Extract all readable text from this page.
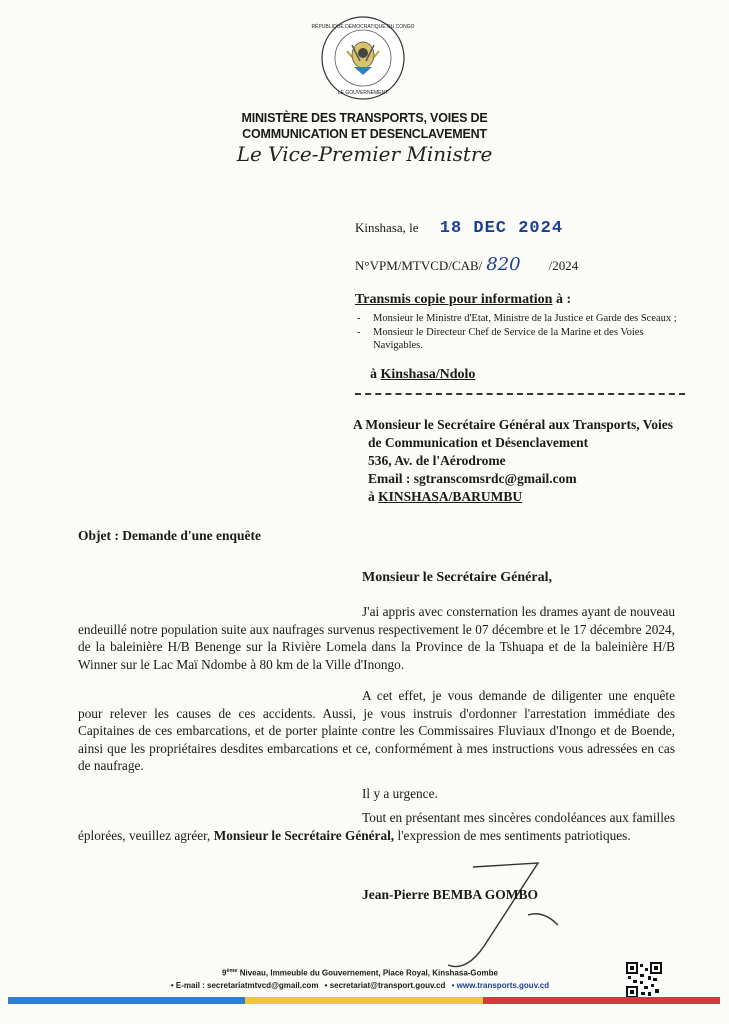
RÉPUBLIQUE DÉMOCRATIQUE DU CONGO
LE GOUVERNEMENT
MINISTÈRE DES TRANSPORTS, VOIES DE
COMMUNICATION ET DESENCLAVEMENT
Le Vice-Premier Ministre
Kinshasa, le 18 DEC 2024
N°VPM/MTVCD/CAB/ 820 /2024
Transmis copie pour information à :
- Monsieur le Ministre d'Etat, Ministre de la Justice et Garde des Sceaux ;
- Monsieur le Directeur Chef de Service de la Marine et des Voies Navigables.
à Kinshasa/Ndolo
A Monsieur le Secrétaire Général aux Transports, Voies
de Communication et Désenclavement
536, Av. de l'Aérodrome
Email : sgtranscomsrdc@gmail.com
à KINSHASA/BARUMBU
Objet : Demande d'une enquête
Monsieur le Secrétaire Général,

J'ai appris avec consternation les drames ayant de nouveau endeuillé notre population suite aux naufrages survenus respectivement le 07 décembre et le 17 décembre 2024, de la baleinière H/B Benenge sur la Rivière Lomela dans la Province de la Tshuapa et de la baleinière H/B Winner sur le Lac Maï Ndombe à 80 km de la Ville d'Inongo.

A cet effet, je vous demande de diligenter une enquête pour relever les causes de ces accidents. Aussi, je vous instruis d'ordonner l'arrestation immédiate des Capitaines de ces embarcations, et de porter plainte contre les Commissaires Fluviaux d'Inongo et de Boende, ainsi que les propriétaires desdites embarcations et ce, conformément à mes instructions vous adressées en cas de naufrage.

Il y a urgence.

Tout en présentant mes sincères condoléances aux familles éplorées, veuillez agréer, Monsieur le Secrétaire Général, l'expression de mes sentiments patriotiques.

Jean-Pierre BEMBA GOMBO
9ème Niveau, Immeuble du Gouvernement, Place Royal, Kinshasa-Gombe
• E-mail : secretariatmtvcd@gmail.com • secretariat@transport.gouv.cd • www.transports.gouv.cd
